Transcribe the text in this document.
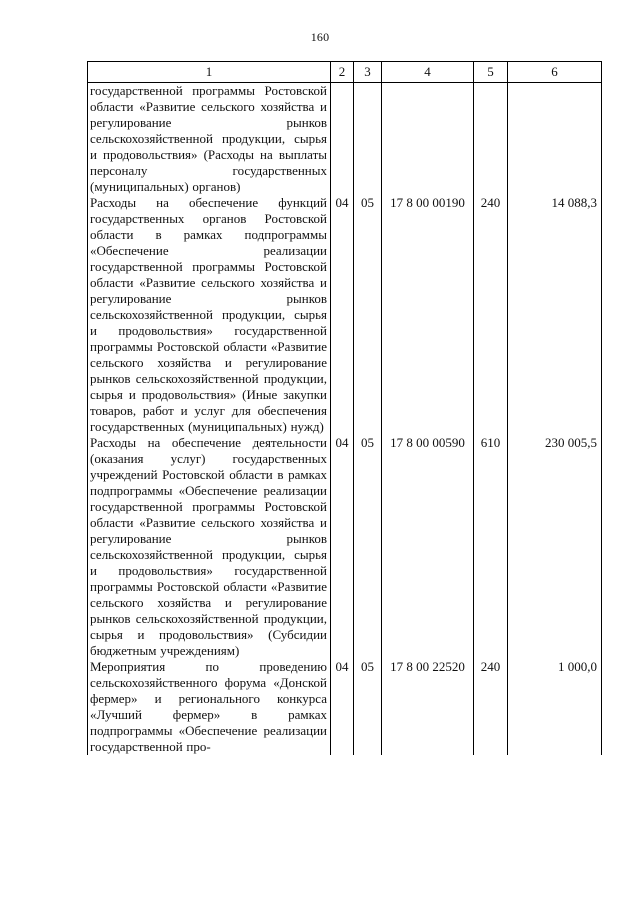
160
1	2	3	4	5	6
государственной программы Ростовской области «Развитие сельского хозяйства и регулирование рынков сельскохозяйственной продукции, сырья и продовольствия» (Расходы на выплаты персоналу государственных (муниципальных) органов)					
Расходы на обеспечение функций государственных органов Ростовской области в рамках подпрограммы «Обеспечение реализации государственной программы Ростовской области «Развитие сельского хозяйства и регулирование рынков сельскохозяйственной продукции, сырья и продовольствия» государственной программы Ростовской области «Развитие сельского хозяйства и регулирование рынков сельскохозяйственной продукции, сырья и продовольствия» (Иные закупки товаров, работ и услуг для обеспечения государственных (муниципальных) нужд)	04	05	17 8 00 00190	240	14 088,3
Расходы на обеспечение деятельности (оказания услуг) государственных учреждений Ростовской области в рамках подпрограммы «Обеспечение реализации государственной программы Ростовской области «Развитие сельского хозяйства и регулирование рынков сельскохозяйственной продукции, сырья и продовольствия» государственной программы Ростовской области «Развитие сельского хозяйства и регулирование рынков сельскохозяйственной продукции, сырья и продовольствия» (Субсидии бюджетным учреждениям)	04	05	17 8 00 00590	610	230 005,5
Мероприятия по проведению сельскохозяйственного форума «Донской фермер» и регионального конкурса «Лучший фермер» в рамках подпрограммы «Обеспечение реализации государственной про-	04	05	17 8 00 22520	240	1 000,0
